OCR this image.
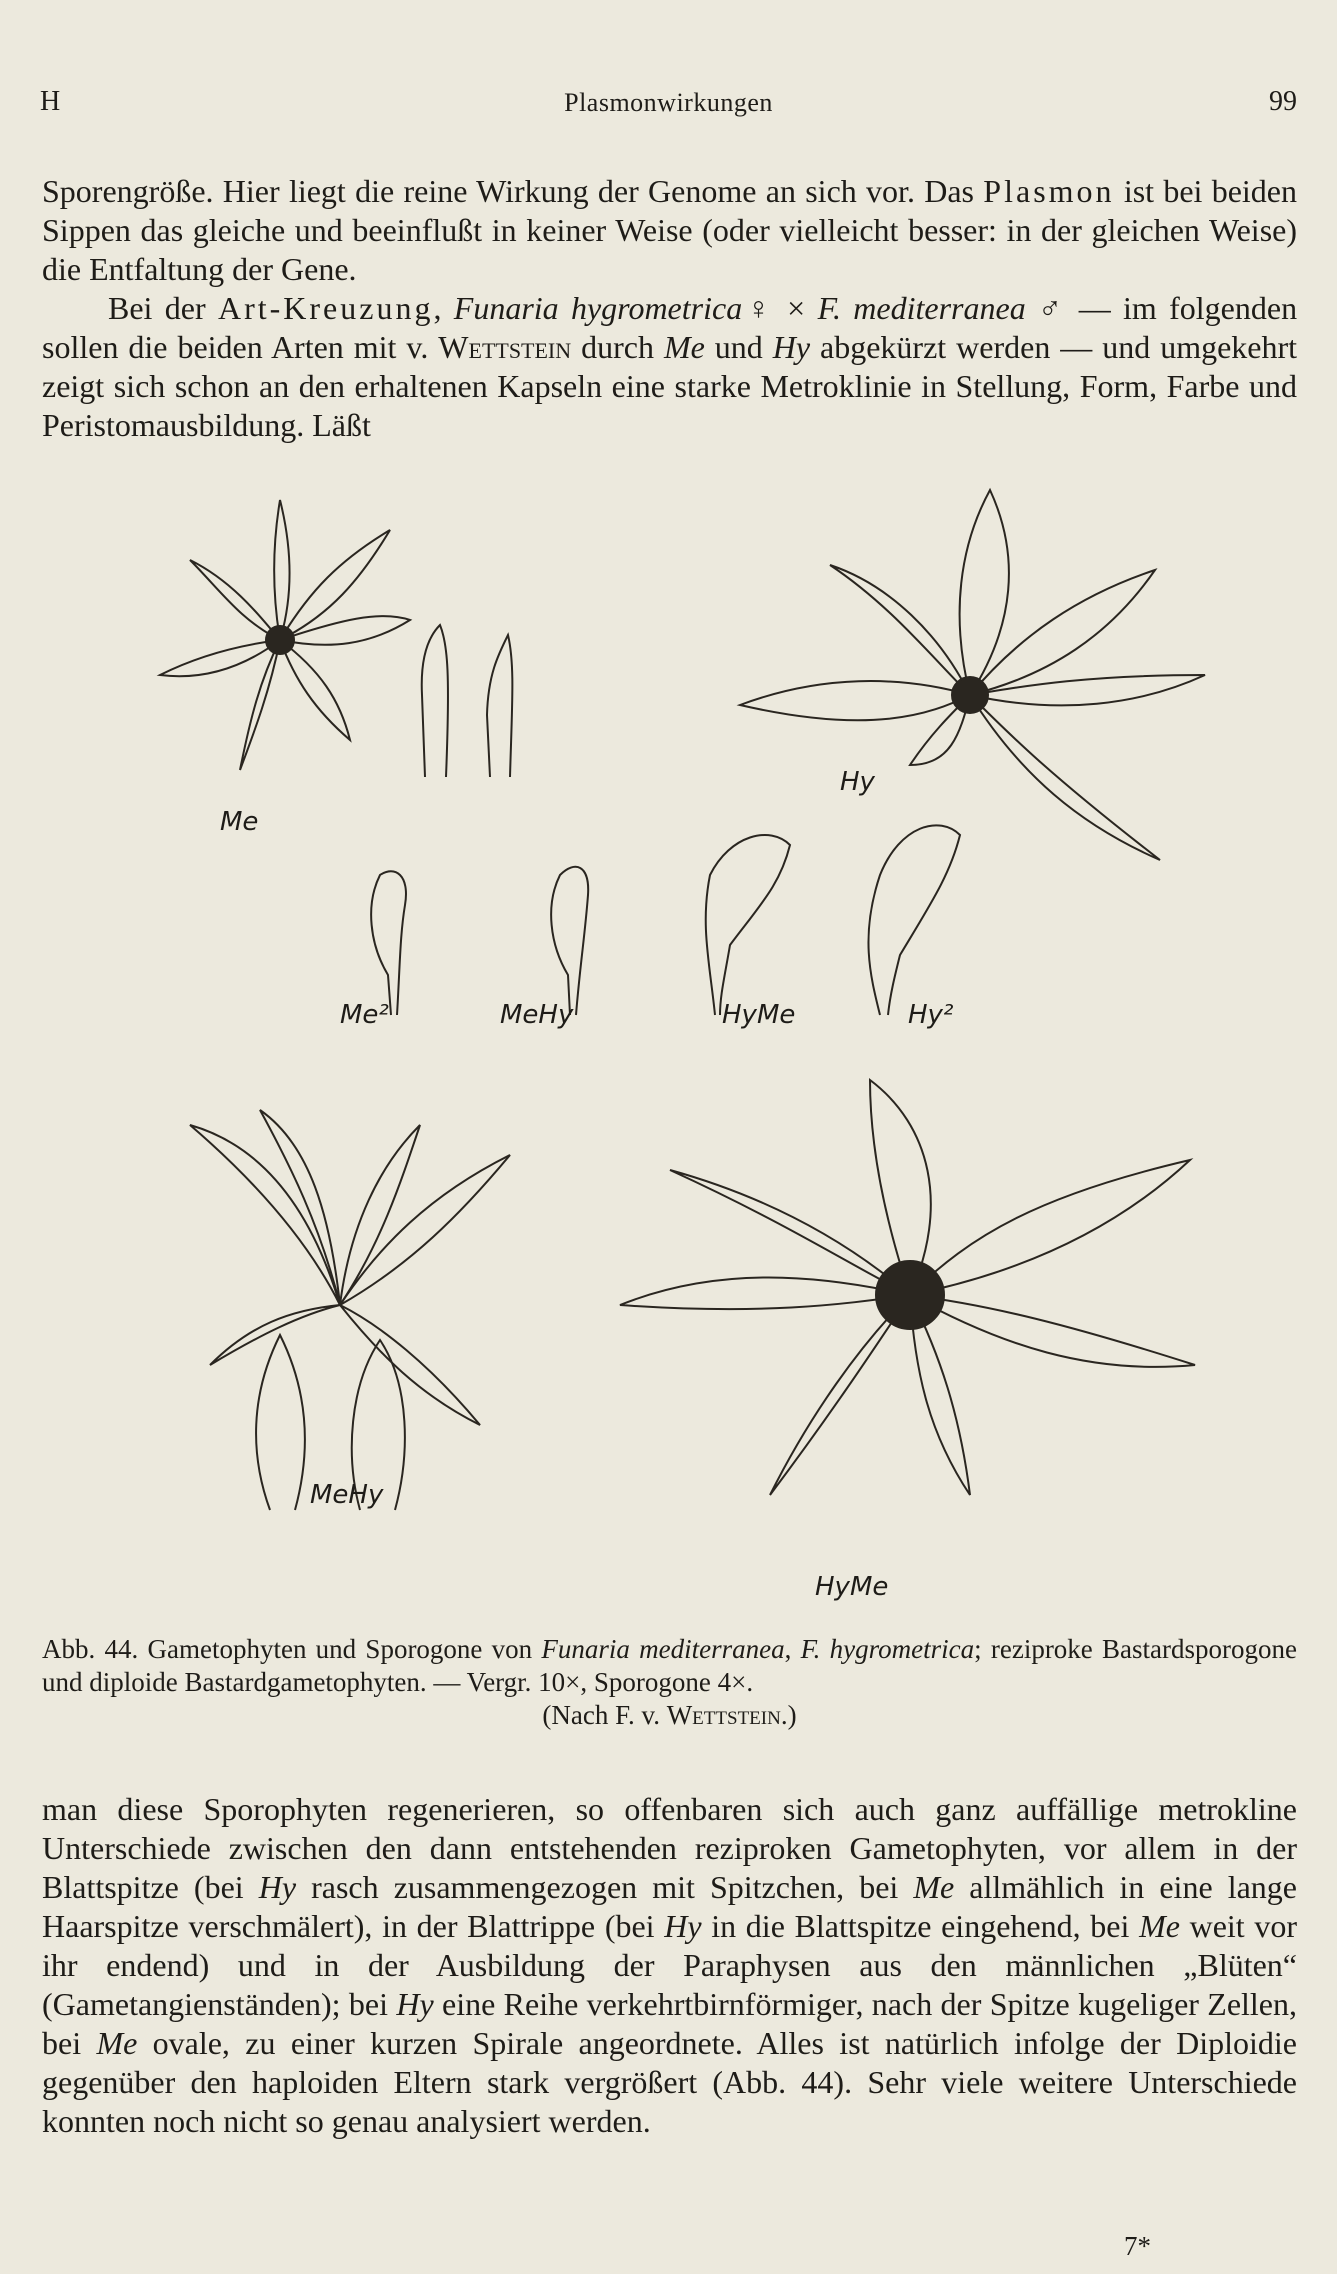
H	Plasmonwirkungen	99

Sporengröße. Hier liegt die reine Wirkung der Genome an sich vor. Das Plasmon ist bei beiden Sippen das gleiche und beeinflußt in keiner Weise (oder vielleicht besser: in der gleichen Weise) die Entfaltung der Gene.

Bei der Art-Kreuzung, Funaria hygrometrica♀ × F. mediterranea ♂ — im folgenden sollen die beiden Arten mit v. Wettstein durch Me und Hy abgekürzt werden — und umgekehrt zeigt sich schon an den erhaltenen Kapseln eine starke Metroklinie in Stellung, Form, Farbe und Peristomausbildung. Läßt

Me
Hy
Me²	MeHy	HyMe	Hy²
MeHy
HyMe
Abb. 44. Gametophyten und Sporogone von Funaria mediterranea, F. hygrometrica; reziproke Bastardsporogone und diploide Bastardgametophyten. — Vergr. 10×, Sporogone 4×.
(Nach F. v. Wettstein.)

man diese Sporophyten regenerieren, so offenbaren sich auch ganz auffällige metrokline Unterschiede zwischen den dann entstehenden reziproken Gametophyten, vor allem in der Blattspitze (bei Hy rasch zusammengezogen mit Spitzchen, bei Me allmählich in eine lange Haarspitze verschmälert), in der Blattrippe (bei Hy in die Blattspitze eingehend, bei Me weit vor ihr endend) und in der Ausbildung der Paraphysen aus den männlichen „Blüten“ (Gametangienständen); bei Hy eine Reihe verkehrtbirnförmiger, nach der Spitze kugeliger Zellen, bei Me ovale, zu einer kurzen Spirale angeordnete. Alles ist natürlich infolge der Diploidie gegenüber den haploiden Eltern stark vergrößert (Abb. 44). Sehr viele weitere Unterschiede konnten noch nicht so genau analysiert werden.

7*
